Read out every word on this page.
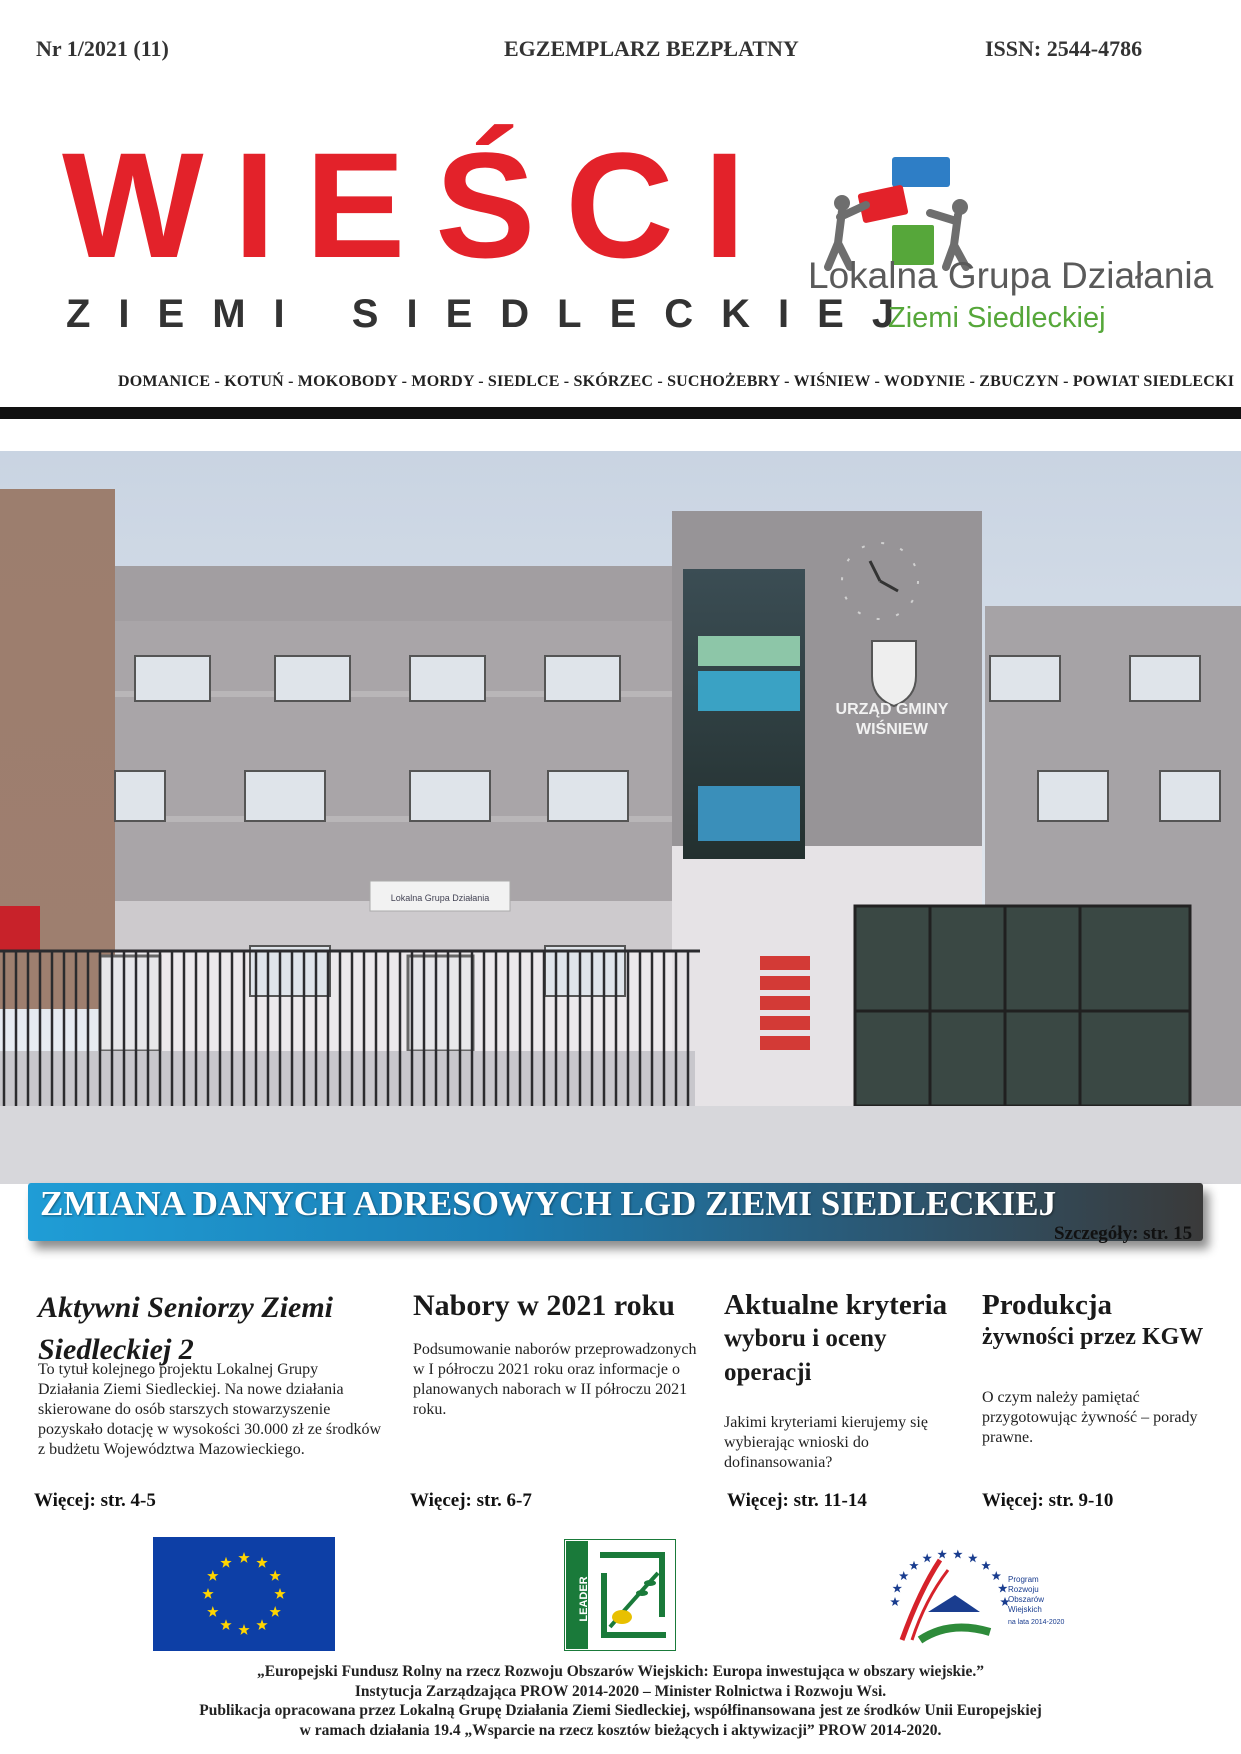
Nr 1/2021 (11)	EGZEMPLARZ BEZPŁATNY	ISSN: 2544-4786
WIEŚCI
ZIEMI SIEDLECKIEJ
Lokalna Grupa Działania
Ziemi Siedleckiej
DOMANICE - KOTUŃ - MOKOBODY - MORDY - SIEDLCE - SKÓRZEC - SUCHOŻEBRY - WIŚNIEW - WODYNIE - ZBUCZYN - POWIAT SIEDLECKI
URZĄD GMINY
WIŚNIEW
Lokalna Grupa Działania
ZMIANA DANYCH ADRESOWYCH LGD ZIEMI SIEDLECKIEJ
Szczegóły: str. 15
Aktywni Seniorzy Ziemi Siedleckiej 2
To tytuł kolejnego projektu Lokalnej Grupy Działania Ziemi Siedleckiej. Na nowe działania skierowane do osób starszych stowarzyszenie pozyskało dotację w wysokości 30.000 zł ze środków z budżetu Województwa Mazowieckiego.
Więcej: str. 4-5
Nabory w 2021 roku
Podsumowanie naborów przeprowadzonych w I półroczu 2021 roku oraz informacje o planowanych naborach w II półroczu 2021 roku.
Więcej: str. 6-7
Aktualne kryteria
wyboru i oceny operacji
Jakimi kryteriami kierujemy się wybierając wnioski do dofinansowania?
Więcej: str. 11-14
Produkcja
żywności przez KGW
O czym należy pamiętać przygotowując żywność – porady prawne.
Więcej: str. 9-10
LEADER	Program
Rozwoju
Obszarów
Wiejskich
na lata 2014-2020
„Europejski Fundusz Rolny na rzecz Rozwoju Obszarów Wiejskich: Europa inwestująca w obszary wiejskie.”
Instytucja Zarządzająca PROW 2014-2020 – Minister Rolnictwa i Rozwoju Wsi.
Publikacja opracowana przez Lokalną Grupę Działania Ziemi Siedleckiej, współfinansowana jest ze środków Unii Europejskiej
w ramach działania 19.4 „Wsparcie na rzecz kosztów bieżących i aktywizacji” PROW 2014-2020.
